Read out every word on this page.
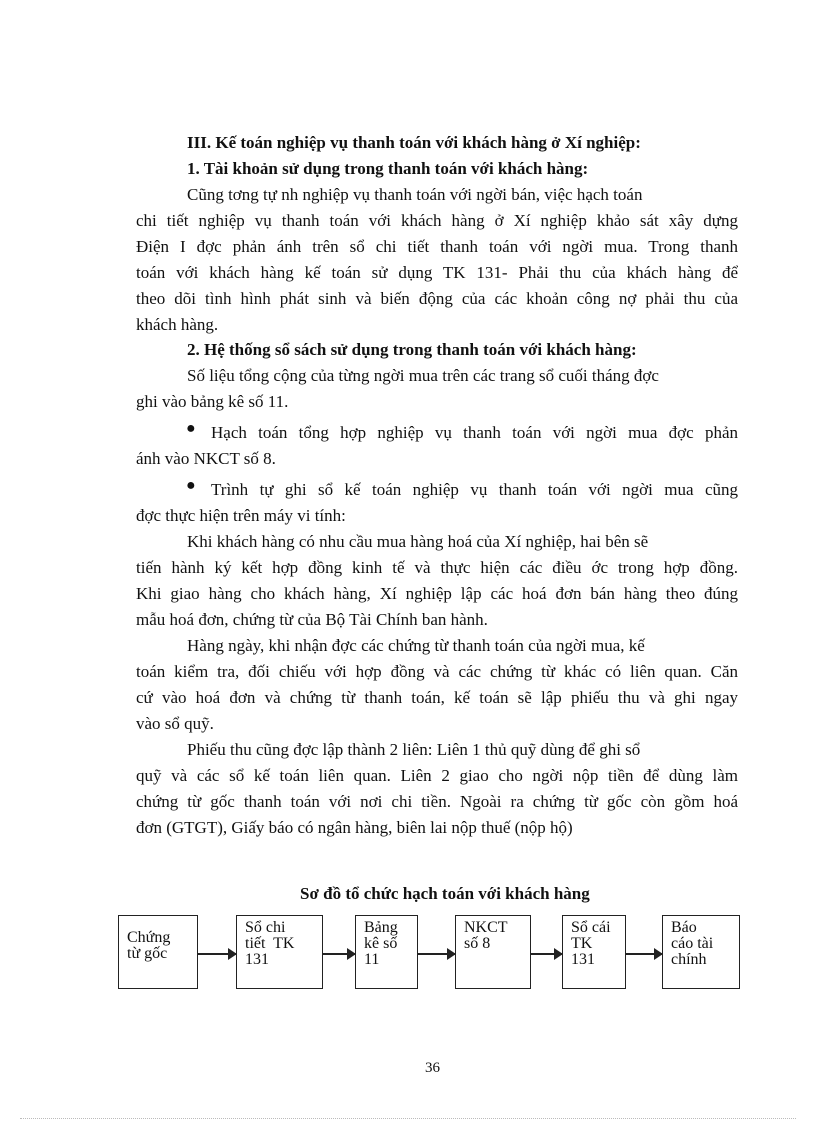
III. Kế toán nghiệp vụ thanh toán với khách hàng ở Xí nghiệp:
1. Tài khoản sử dụng trong thanh toán với khách hàng:
Cũng tơng tự nh nghiệp vụ thanh toán với ngời bán, việc hạch toán
chi tiết nghiệp vụ thanh toán với khách hàng ở Xí nghiệp khảo sát xây dựng
Điện I đợc phản ánh trên sổ chi tiết thanh toán với ngời mua. Trong thanh
toán với khách hàng kế toán sử dụng TK 131- Phải thu của khách hàng để
theo dõi tình hình phát sinh và biến động của các khoản công nợ phải thu của
khách hàng.
2. Hệ thống sổ sách sử dụng trong thanh toán với khách hàng:
Số liệu tổng cộng của từng ngời mua trên các trang sổ cuối tháng đợc
ghi vào bảng kê số 11.
● Hạch toán tổng hợp nghiệp vụ thanh toán với ngời mua đợc phản
ánh vào NKCT số 8.
● Trình tự ghi sổ kế toán nghiệp vụ thanh toán với ngời mua cũng
đợc thực hiện trên máy vi tính:
Khi khách hàng có nhu cầu mua hàng hoá của Xí nghiệp, hai bên sẽ
tiến hành ký kết hợp đồng kinh tế và thực hiện các điều ớc trong hợp đồng.
Khi giao hàng cho khách hàng, Xí nghiệp lập các hoá đơn bán hàng theo đúng
mẫu hoá đơn, chứng từ của Bộ Tài Chính ban hành.
Hàng ngày, khi nhận đợc các chứng từ thanh toán của ngời mua, kế
toán kiểm tra, đối chiếu với hợp đồng và các chứng từ khác có liên quan. Căn
cứ vào hoá đơn và chứng từ thanh toán, kế toán sẽ lập phiếu thu và ghi ngay
vào sổ quỹ.
Phiếu thu cũng đợc lập thành 2 liên: Liên 1 thủ quỹ dùng để ghi sổ
quỹ và các sổ kế toán liên quan. Liên 2 giao cho ngời nộp tiền để dùng làm
chứng từ gốc thanh toán với nơi chi tiền. Ngoài ra chứng từ gốc còn gồm hoá
đơn (GTGT), Giấy báo có ngân hàng, biên lai nộp thuế (nộp hộ)
Sơ đồ tổ chức hạch toán với khách hàng
Chứng
từ gốc
Sổ chi
tiết  TK
131
Bảng
kê số
11
NKCT
số 8
Sổ cái
TK
131
Báo
cáo tài
chính
36
